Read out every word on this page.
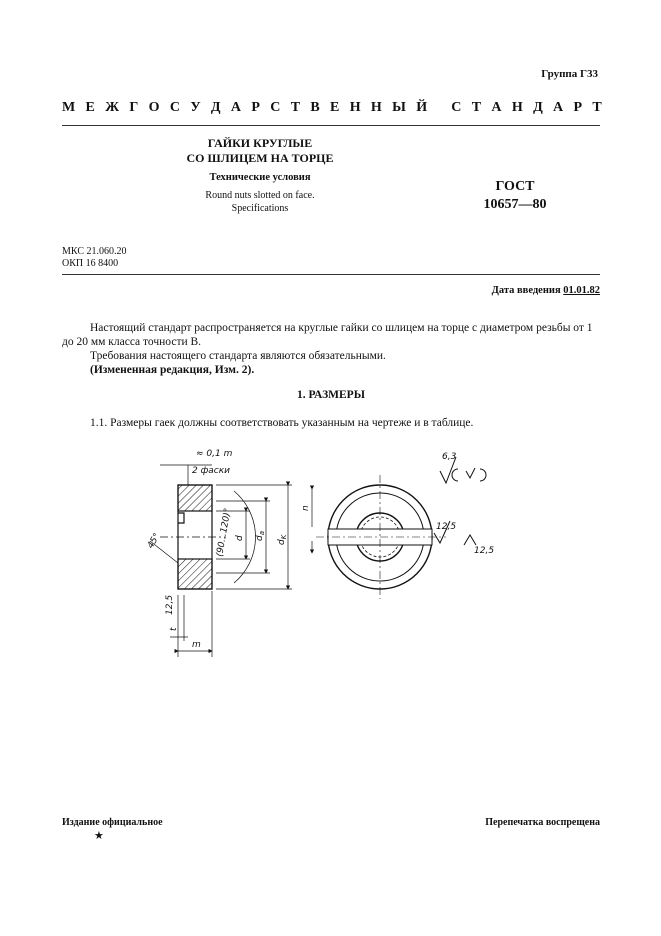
Группа Г33
М Е Ж Г О С У Д А Р С Т В Е Н Н Ы Й
С Т А Н Д А Р Т
ГАЙКИ КРУГЛЫЕ
СО ШЛИЦЕМ НА ТОРЦЕ
Технические условия
Round nuts slotted on face.
Specifications
ГОСТ
10657—80
МКС 21.060.20
ОКП 16 8400
Дата введения 01.01.82
Настоящий стандарт распространяется на круглые гайки со шлицем на торце с диаметром резьбы от 1 до 20 мм класса точности В.
Требования настоящего стандарта являются обязательными.
(Измененная редакция, Изм. 2).
1. РАЗМЕРЫ
1.1. Размеры гаек должны соответствовать указанным на чертеже и в таблице.
≈ 0,1 m
2 фаски
45°	d $d_а$
$d_K$
(90…120)°
m
t
12,5
n
6,3
12,5
12,5
Издание официальное
★
Перепечатка воспрещена
